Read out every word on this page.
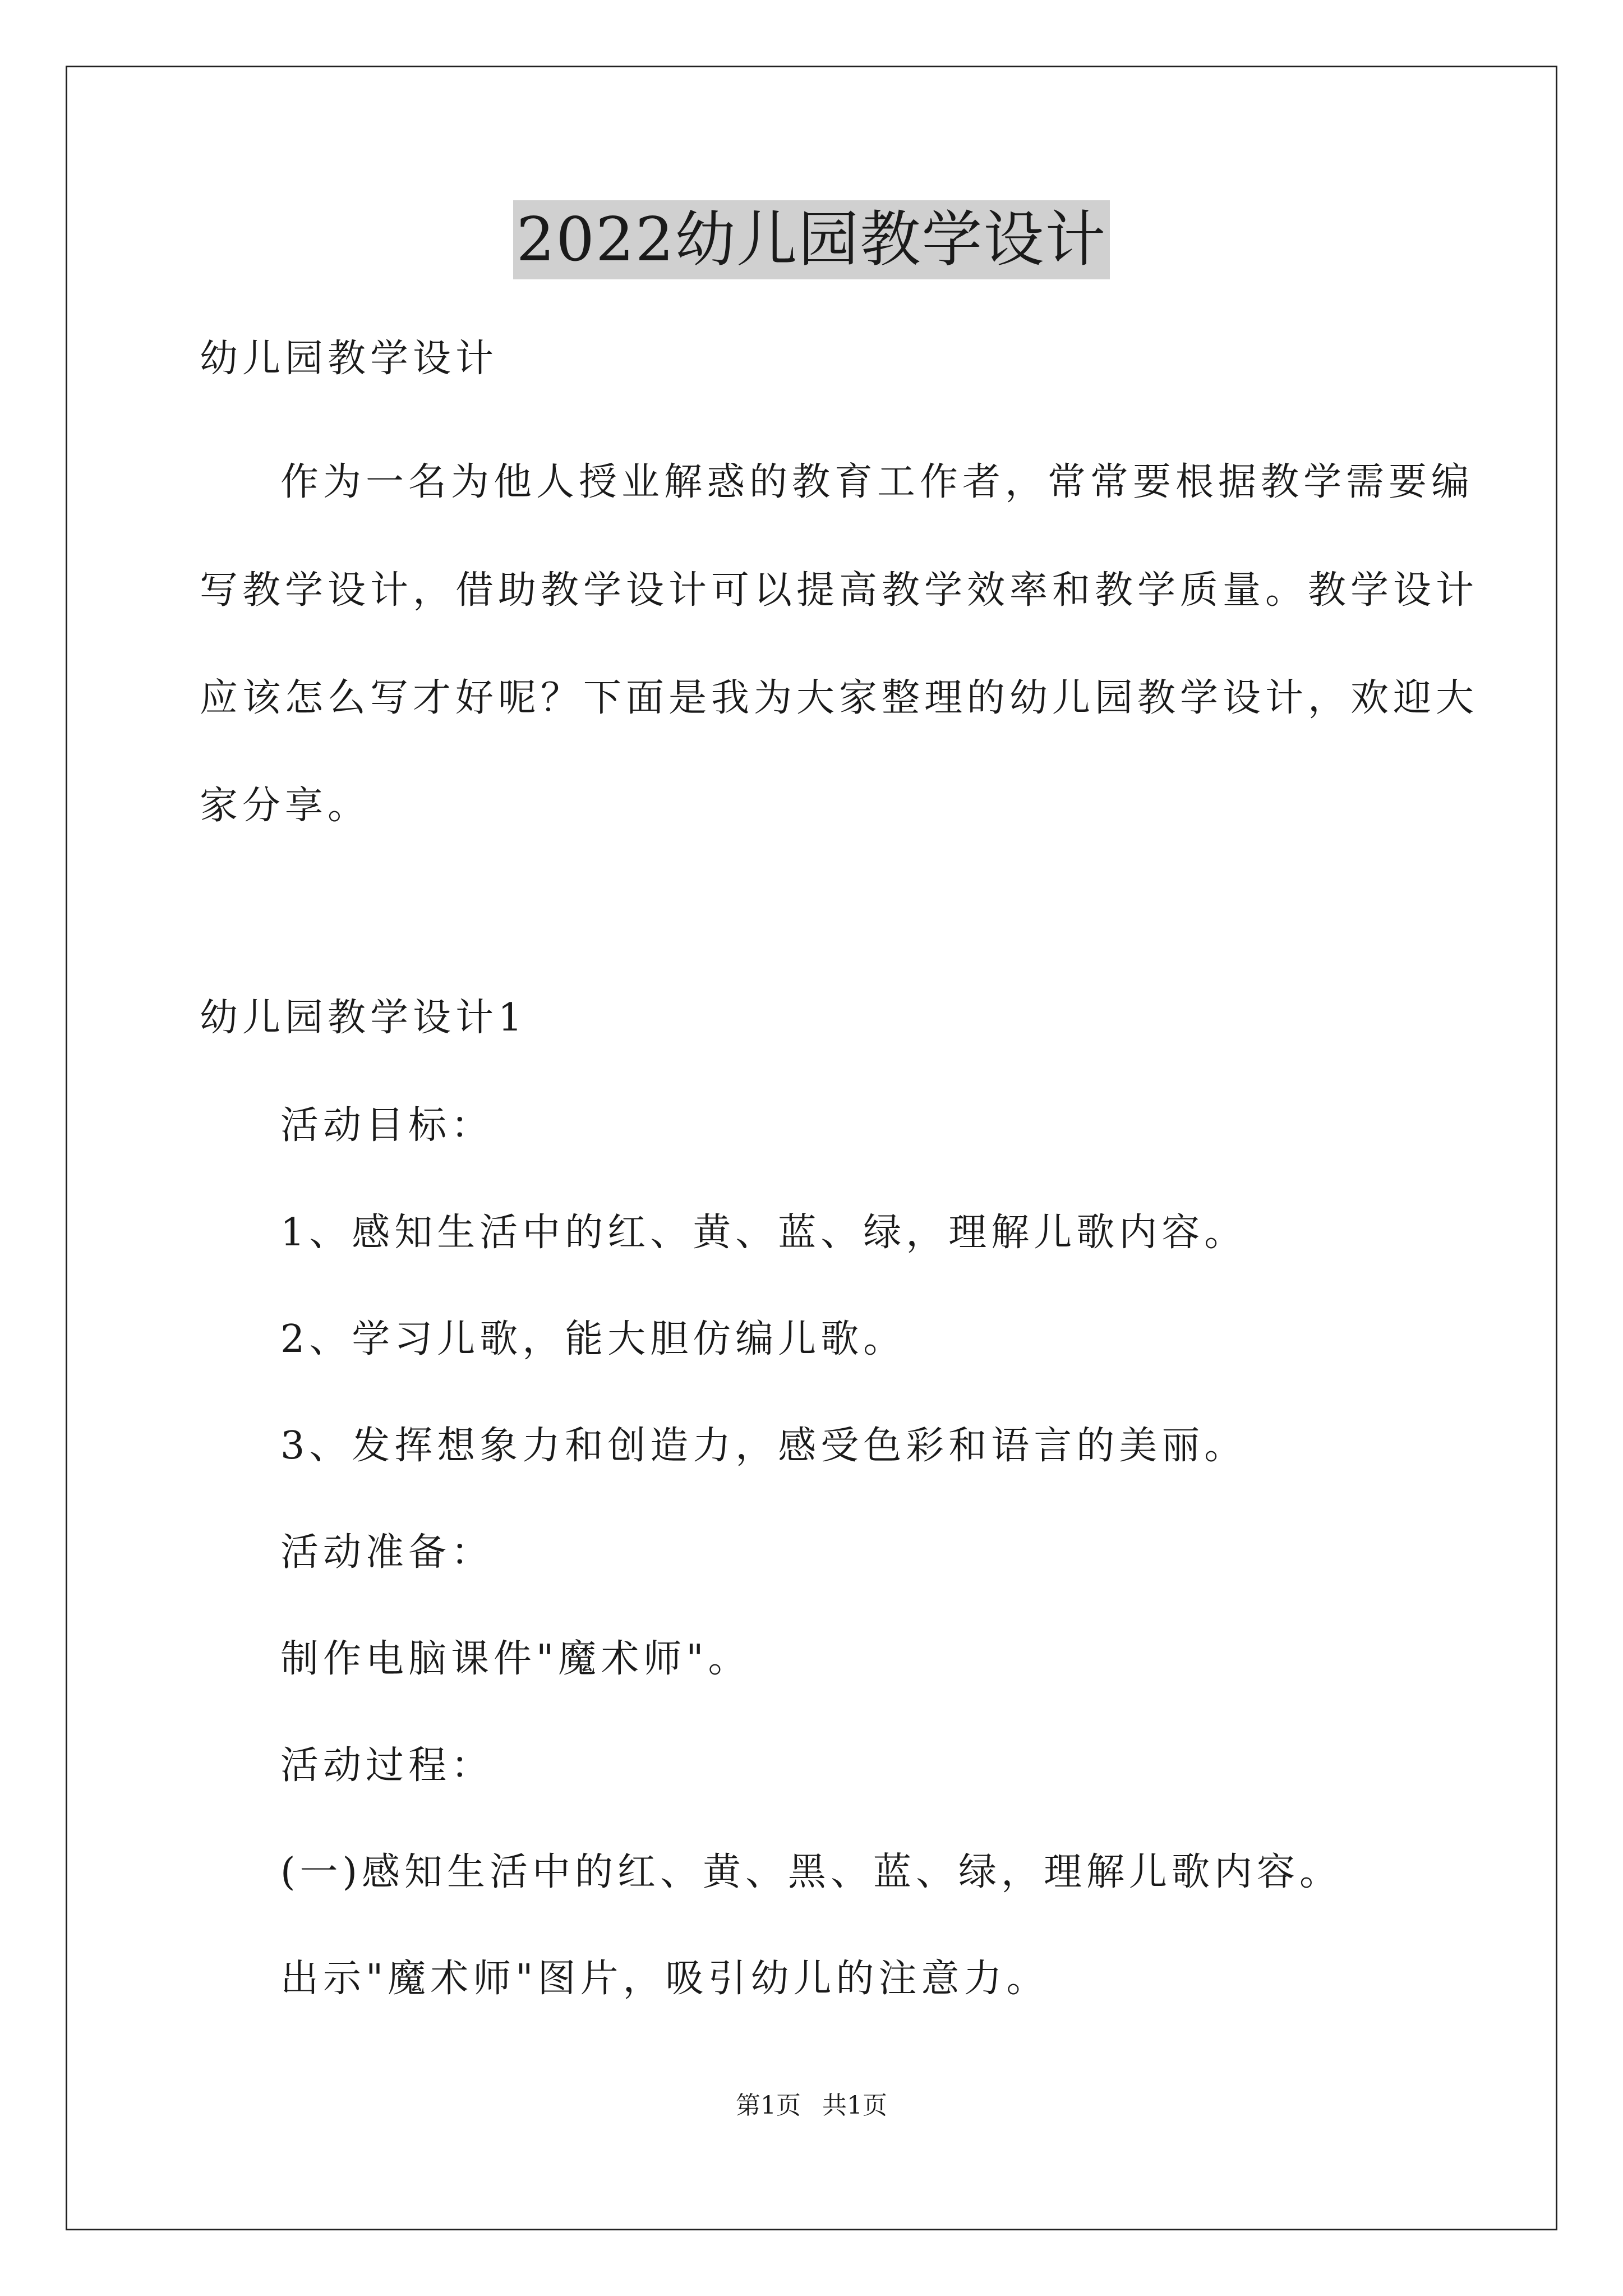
2022幼儿园教学设计
幼儿园教学设计
作为一名为他人授业解惑的教育工作者，常常要根据教学需要编
写教学设计，借助教学设计可以提高教学效率和教学质量。教学设计
应该怎么写才好呢？下面是我为大家整理的幼儿园教学设计，欢迎大
家分享。
幼儿园教学设计1
活动目标：
1、感知生活中的红、黄、蓝、绿，理解儿歌内容。
2、学习儿歌，能大胆仿编儿歌。
3、发挥想象力和创造力，感受色彩和语言的美丽。
活动准备：
制作电脑课件"魔术师"。
活动过程：
(一)感知生活中的红、黄、黑、蓝、绿，理解儿歌内容。
出示"魔术师"图片，吸引幼儿的注意力。
第1页 共1页
